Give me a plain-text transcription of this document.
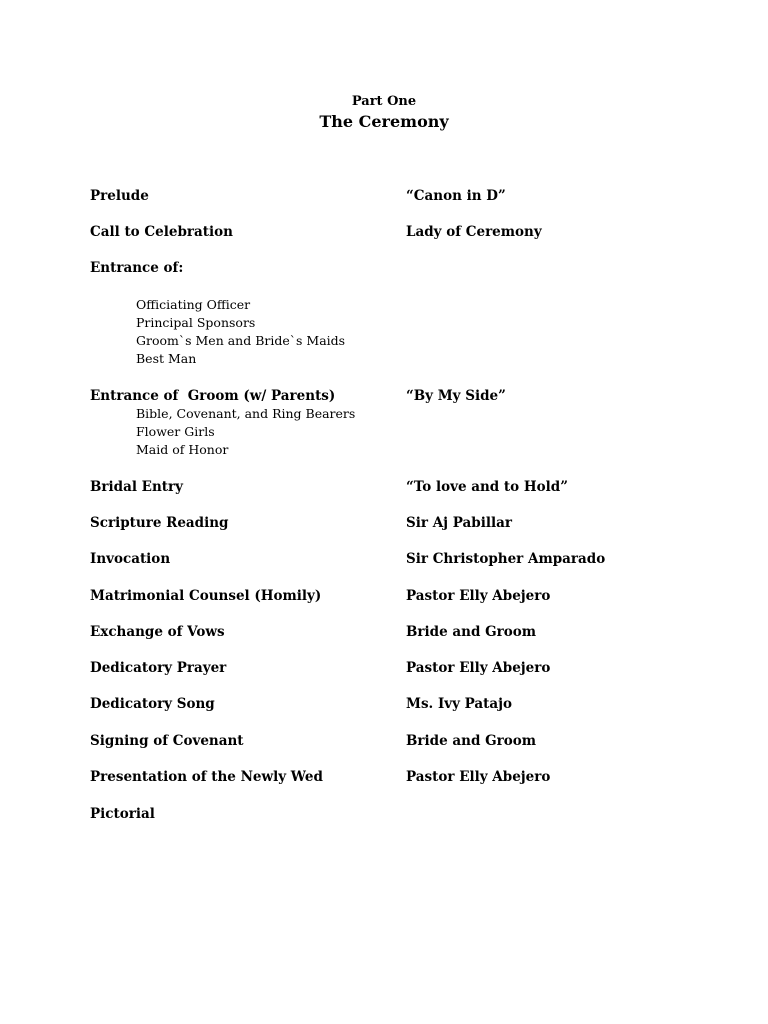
Part One
The Ceremony
Prelude	“Canon in D”
Call to Celebration	Lady of Ceremony
Entrance of:
Officiating Officer
Principal Sponsors
Groom`s Men and Bride`s Maids
Best Man
Entrance of  Groom (w/ Parents)	“By My Side”
Bible, Covenant, and Ring Bearers
Flower Girls
Maid of Honor
Bridal Entry	“To love and to Hold”
Scripture Reading	Sir Aj Pabillar
Invocation	Sir Christopher Amparado
Matrimonial Counsel (Homily)	Pastor Elly Abejero
Exchange of Vows	Bride and Groom
Dedicatory Prayer	Pastor Elly Abejero
Dedicatory Song	Ms. Ivy Patajo
Signing of Covenant	Bride and Groom
Presentation of the Newly Wed	Pastor Elly Abejero
Pictorial
